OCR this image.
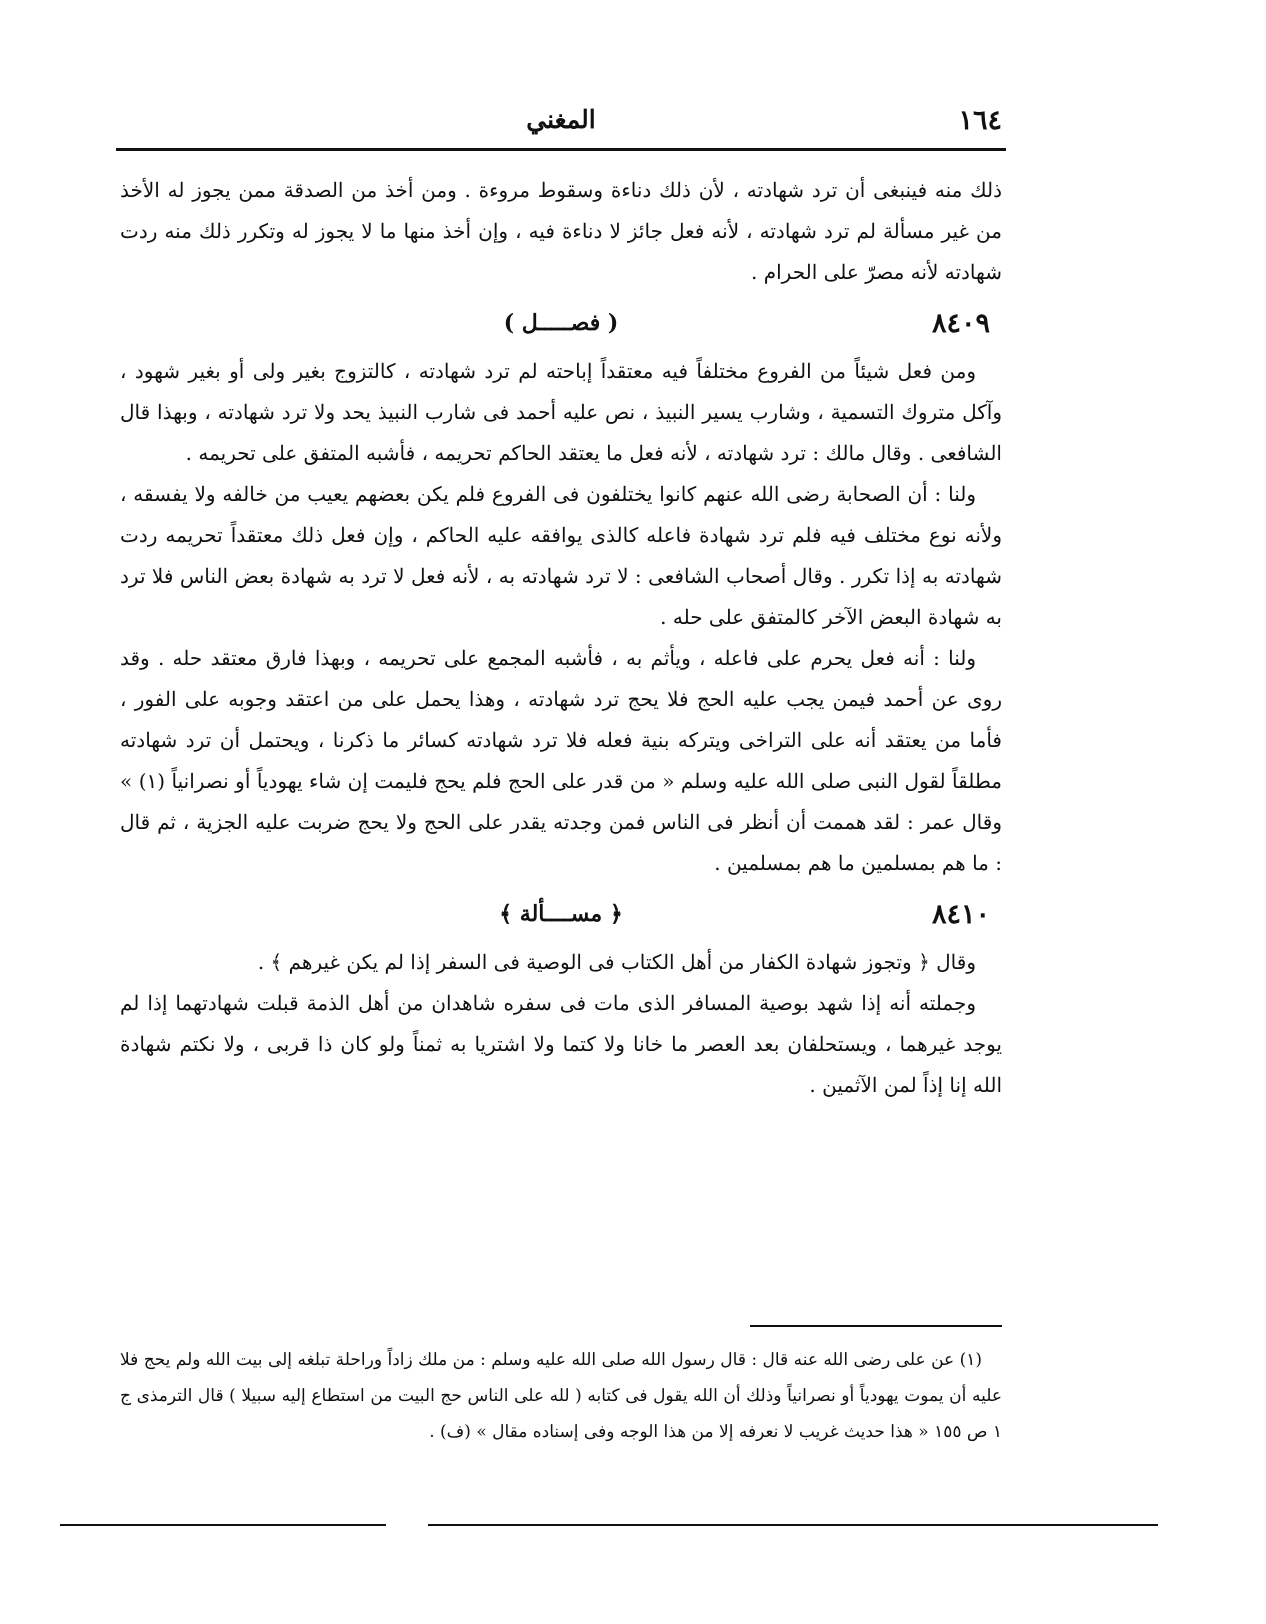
١٦٤
المغني

ذلك منه فينبغى أن ترد شهادته ، لأن ذلك دناءة وسقوط مروءة . ومن أخذ من الصدقة ممن يجوز له الأخذ من غير مسألة لم ترد شهادته ، لأنه فعل جائز لا دناءة فيه ، وإن أخذ منها ما لا يجوز له وتكرر ذلك منه ردت شهادته لأنه مصرّ على الحرام .

٨٤٠٩
( فصـــــل )

ومن فعل شيئاً من الفروع مختلفاً فيه معتقداً إباحته لم ترد شهادته ، كالتزوج بغير ولى أو بغير شهود ، وآكل متروك التسمية ، وشارب يسير النبيذ ، نص عليه أحمد فى شارب النبيذ يحد ولا ترد شهادته ، وبهذا قال الشافعى . وقال مالك : ترد شهادته ، لأنه فعل ما يعتقد الحاكم تحريمه ، فأشبه المتفق على تحريمه .

ولنا : أن الصحابة رضى الله عنهم كانوا يختلفون فى الفروع فلم يكن بعضهم يعيب من خالفه ولا يفسقه ، ولأنه نوع مختلف فيه فلم ترد شهادة فاعله كالذى يوافقه عليه الحاكم ، وإن فعل ذلك معتقداً تحريمه ردت شهادته به إذا تكرر . وقال أصحاب الشافعى : لا ترد شهادته به ، لأنه فعل لا ترد به شهادة بعض الناس فلا ترد به شهادة البعض الآخر كالمتفق على حله .

ولنا : أنه فعل يحرم على فاعله ، ويأثم به ، فأشبه المجمع على تحريمه ، وبهذا فارق معتقد حله . وقد روى عن أحمد فيمن يجب عليه الحج فلا يحج ترد شهادته ، وهذا يحمل على من اعتقد وجوبه على الفور ، فأما من يعتقد أنه على التراخى ويتركه بنية فعله فلا ترد شهادته كسائر ما ذكرنا ، ويحتمل أن ترد شهادته مطلقاً لقول النبى صلى الله عليه وسلم « من قدر على الحج فلم يحج فليمت إن شاء يهودياً أو نصرانياً (١) » وقال عمر : لقد هممت أن أنظر فى الناس فمن وجدته يقدر على الحج ولا يحج ضربت عليه الجزية ، ثم قال : ما هم بمسلمين ما هم بمسلمين .

٨٤١٠
﴿ مســــألة ﴾

وقال ﴿ وتجوز شهادة الكفار من أهل الكتاب فى الوصية فى السفر إذا لم يكن غيرهم ﴾ .

وجملته أنه إذا شهد بوصية المسافر الذى مات فى سفره شاهدان من أهل الذمة قبلت شهادتهما إذا لم يوجد غيرهما ، ويستحلفان بعد العصر ما خانا ولا كتما ولا اشتريا به ثمناً ولو كان ذا قربى ، ولا نكتم شهادة الله إنا إذاً لمن الآثمين .

(١) عن على رضى الله عنه قال : قال رسول الله صلى الله عليه وسلم : من ملك زاداً وراحلة تبلغه إلى بيت الله ولم يحج فلا عليه أن يموت يهودياً أو نصرانياً وذلك أن الله يقول فى كتابه ( لله على الناس حج البيت من استطاع إليه سبيلا ) قال الترمذى ج ١ ص ١٥٥ « هذا حديث غريب لا نعرفه إلا من هذا الوجه وفى إسناده مقال » (ف) .
